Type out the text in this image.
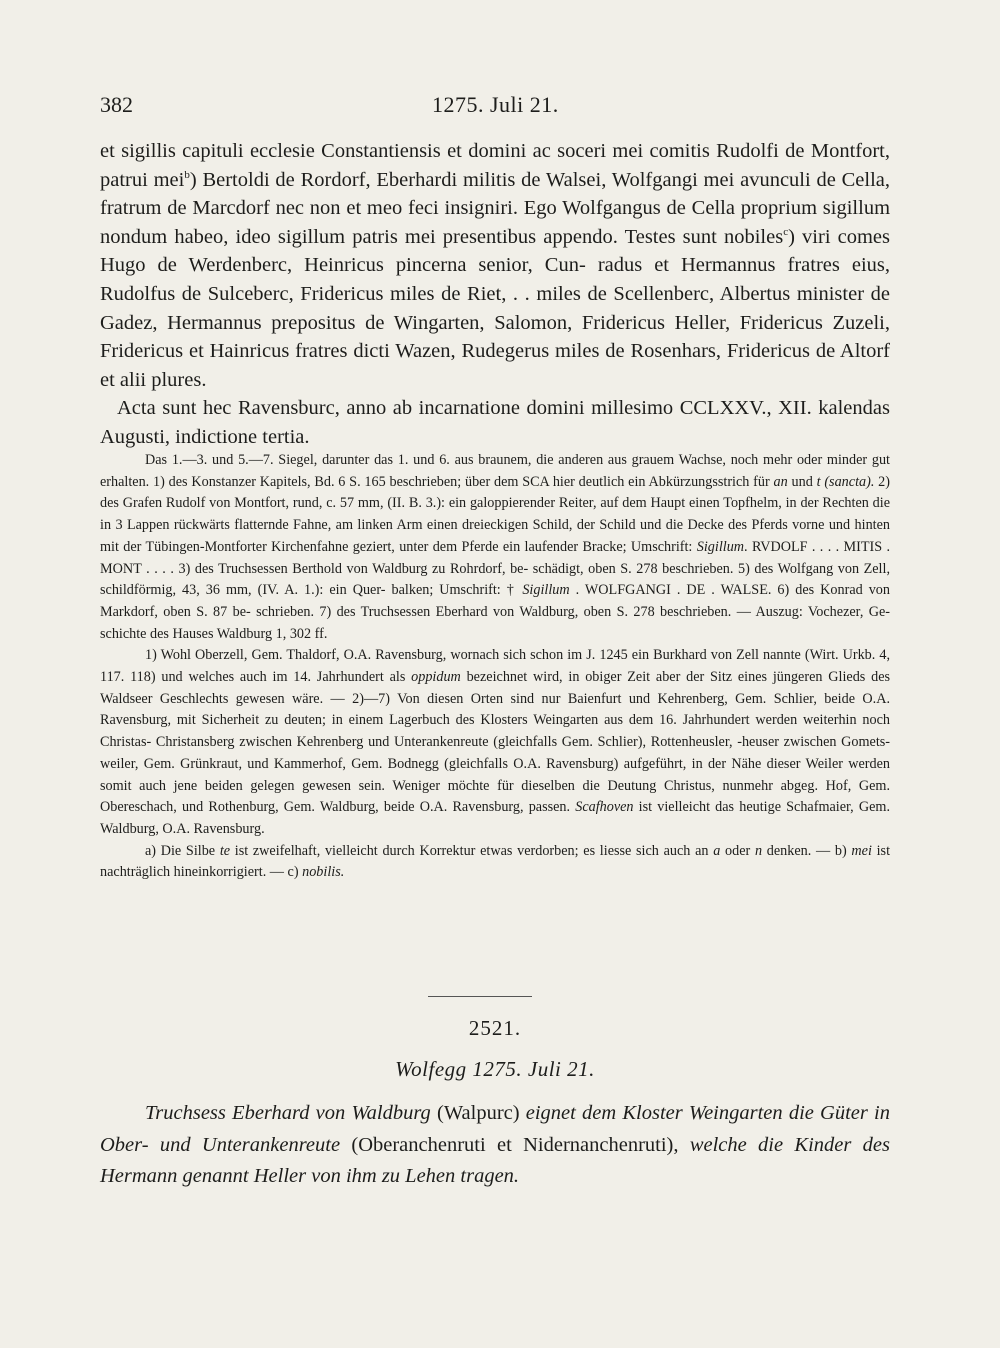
382	1275. Juli 21.

et sigillis capituli ecclesie Constantiensis et domini ac soceri mei comitis Rudolfi de Montfort, patrui mei$^b$) Bertoldi de Rordorf, Eberhardi militis de Walsei, Wolfgangi mei avunculi de Cella, fratrum de Marcdorf nec non et meo feci insigniri. Ego Wolfgangus de Cella proprium sigillum nondum habeo, ideo sigillum patris mei presentibus appendo. Testes sunt nobiles$^c$) viri comes Hugo de Werdenberc, Heinricus pincerna senior, Cun- radus et Hermannus fratres eius, Rudolfus de Sulceberc, Fridericus miles de Riet, . . miles de Scellenberc, Albertus minister de Gadez, Hermannus prepositus de Wingarten, Salomon, Fridericus Heller, Fridericus Zuzeli, Fridericus et Hainricus fratres dicti Wazen, Rudegerus miles de Rosenhars, Fridericus de Altorf et alii plures.

Acta sunt hec Ravensburc, anno ab incarnatione domini millesimo CCLXXV., XII. kalendas Augusti, indictione tertia.

Das 1.—3. und 5.—7. Siegel, darunter das 1. und 6. aus braunem, die anderen aus grauem Wachse, noch mehr oder minder gut erhalten. 1) des Konstanzer Kapitels, Bd. 6 S. 165 beschrieben; über dem SCA hier deutlich ein Abkürzungsstrich für an und t (sancta). 2) des Grafen Rudolf von Montfort, rund, c. 57 mm, (II. B. 3.): ein galoppierender Reiter, auf dem Haupt einen Topfhelm, in der Rechten die in 3 Lappen rückwärts flatternde Fahne, am linken Arm einen dreieckigen Schild, der Schild und die Decke des Pferds vorne und hinten mit der Tübingen-Montforter Kirchenfahne geziert, unter dem Pferde ein laufender Bracke; Umschrift: Sigillum. RVDOLF . . . . MITIS . MONT . . . . 3) des Truchsessen Berthold von Waldburg zu Rohrdorf, be- schädigt, oben S. 278 beschrieben. 5) des Wolfgang von Zell, schildförmig, 43, 36 mm, (IV. A. 1.): ein Quer- balken; Umschrift: † Sigillum . WOLFGANGI . DE . WALSE. 6) des Konrad von Markdorf, oben S. 87 be- schrieben. 7) des Truchsessen Eberhard von Waldburg, oben S. 278 beschrieben. — Auszug: Vochezer, Ge- schichte des Hauses Waldburg 1, 302 ff.

1) Wohl Oberzell, Gem. Thaldorf, O.A. Ravensburg, wornach sich schon im J. 1245 ein Burkhard von Zell nannte (Wirt. Urkb. 4, 117. 118) und welches auch im 14. Jahrhundert als oppidum bezeichnet wird, in obiger Zeit aber der Sitz eines jüngeren Glieds des Waldseer Geschlechts gewesen wäre. — 2)—7) Von diesen Orten sind nur Baienfurt und Kehrenberg, Gem. Schlier, beide O.A. Ravensburg, mit Sicherheit zu deuten; in einem Lagerbuch des Klosters Weingarten aus dem 16. Jahrhundert werden weiterhin noch Christas- Christansberg zwischen Kehrenberg und Unterankenreute (gleichfalls Gem. Schlier), Rottenheusler, -heuser zwischen Gomets- weiler, Gem. Grünkraut, und Kammerhof, Gem. Bodnegg (gleichfalls O.A. Ravensburg) aufgeführt, in der Nähe dieser Weiler werden somit auch jene beiden gelegen gewesen sein. Weniger möchte für dieselben die Deutung Christus, nunmehr abgeg. Hof, Gem. Obereschach, und Rothenburg, Gem. Waldburg, beide O.A. Ravensburg, passen. Scafhoven ist vielleicht das heutige Schafmaier, Gem. Waldburg, O.A. Ravensburg.

a) Die Silbe te ist zweifelhaft, vielleicht durch Korrektur etwas verdorben; es liesse sich auch an a oder n denken. — b) mei ist nachträglich hineinkorrigiert. — c) nobilis.

2521.
Wolfegg 1275. Juli 21.

Truchsess Eberhard von Waldburg (Walpurc) eignet dem Kloster Weingarten die Güter in Ober- und Unterankenreute (Oberanchenruti et Nidernanchenruti), welche die Kinder des Hermann genannt Heller von ihm zu Lehen tragen.
